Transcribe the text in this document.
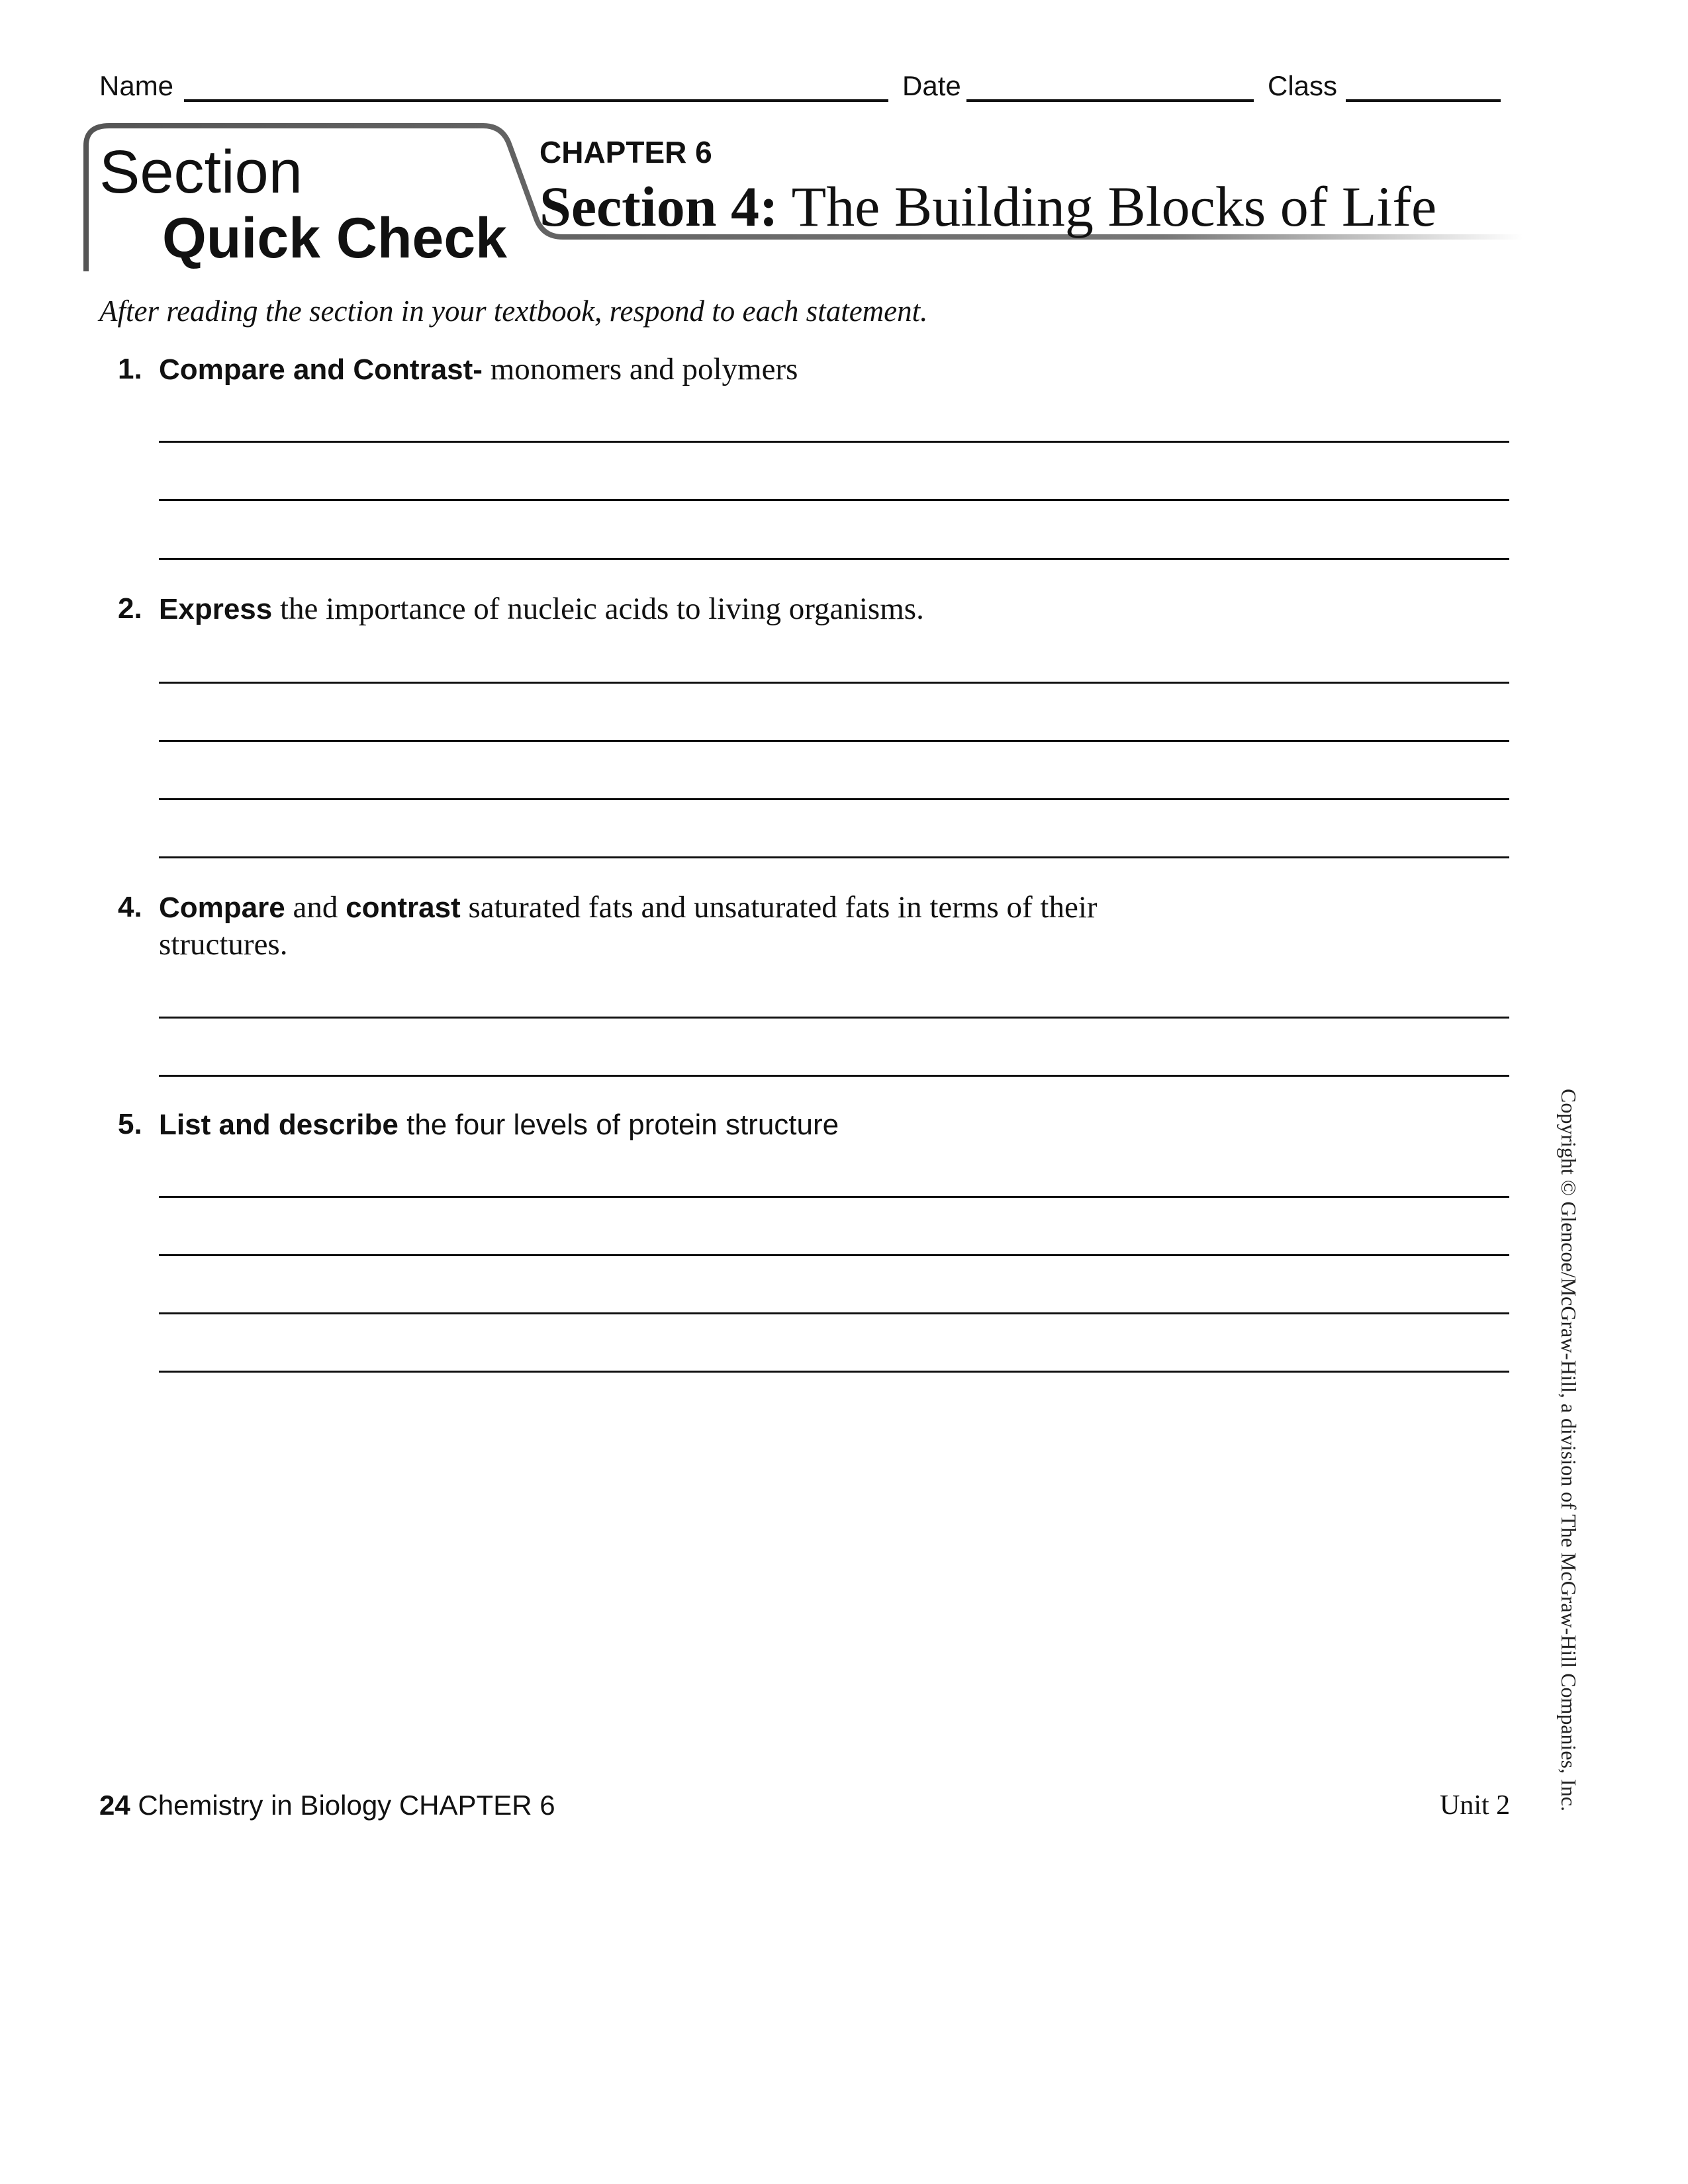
Name	Date	Class
Section
Quick Check
CHAPTER 6
Section 4: The Building Blocks of Life
After reading the section in your textbook, respond to each statement.
1. Compare and Contrast- monomers and polymers
2. Express the importance of nucleic acids to living organisms.
4. Compare and contrast saturated fats and unsaturated fats in terms of their
structures.
5. List and describe the four levels of protein structure	Copyright © Glencoe/McGraw-Hill, a division of The McGraw-Hill Companies, Inc.
24 Chemistry in Biology CHAPTER 6	Unit 2
